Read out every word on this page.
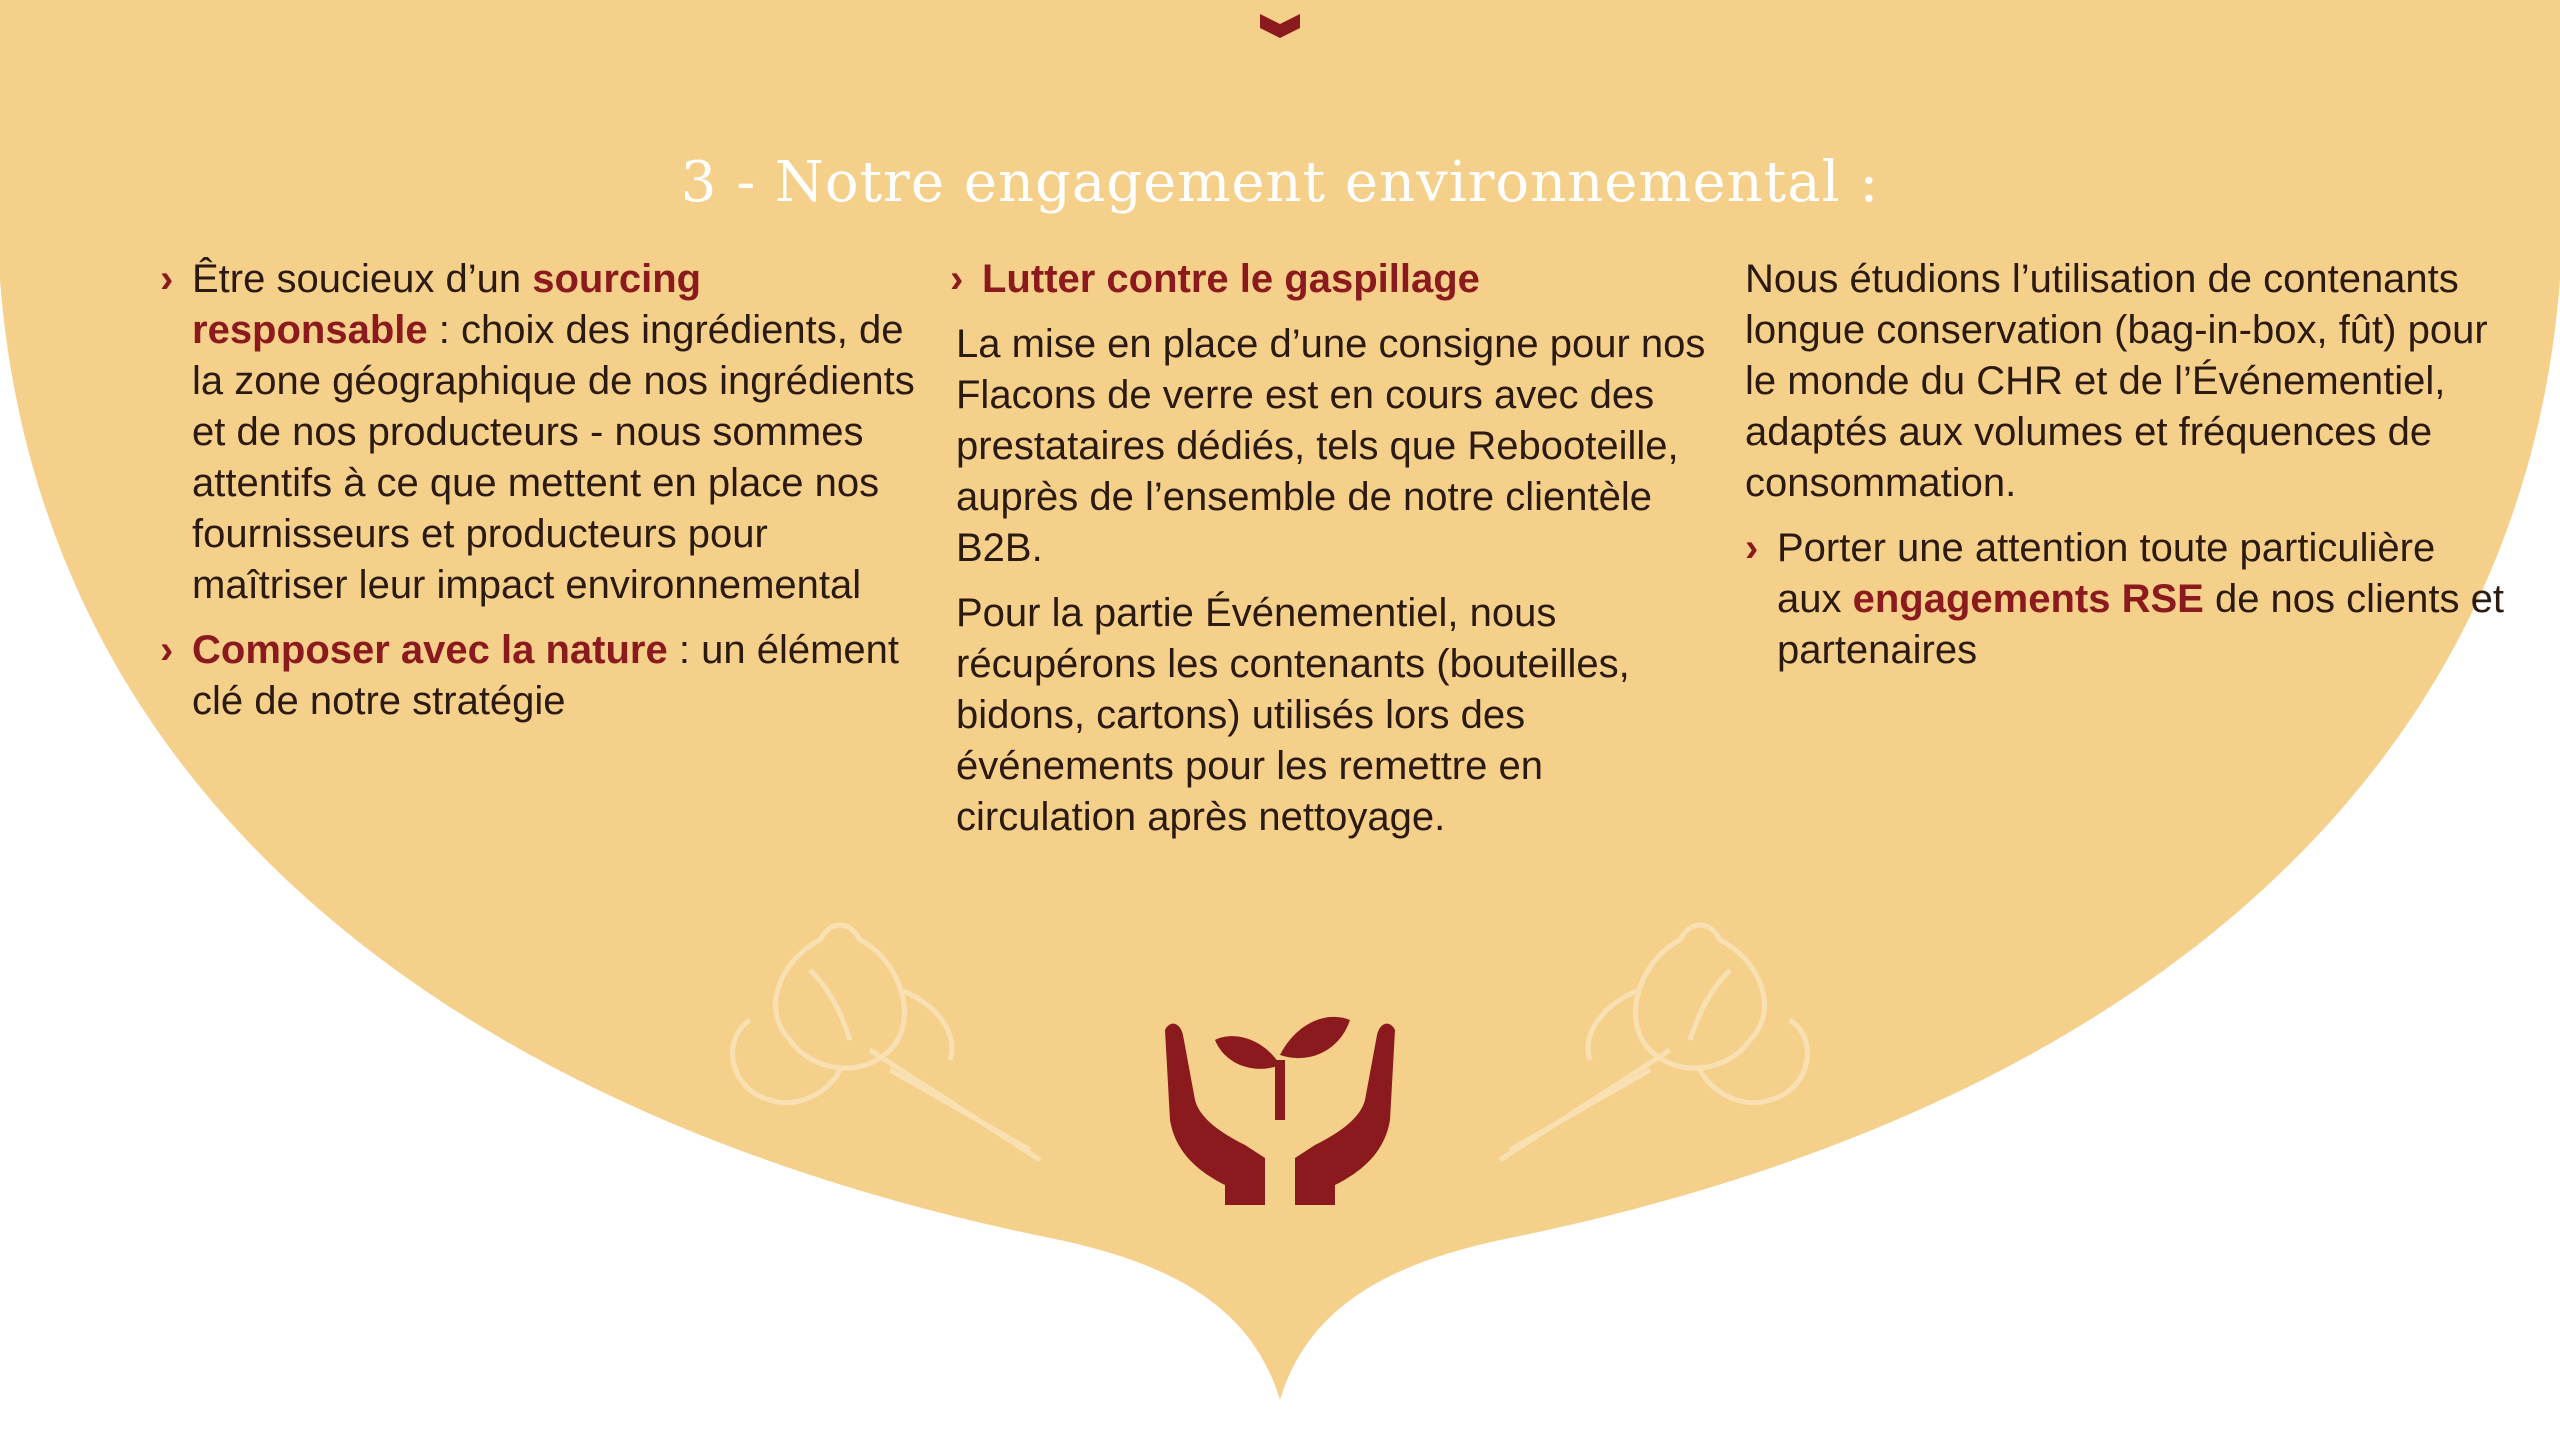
3 - Notre engagement environnemental :
› Être soucieux d’un sourcing responsable : choix des ingrédients, de la zone géographique de nos ingrédients et de nos producteurs - nous sommes attentifs à ce que mettent en place nos fournisseurs et producteurs pour maîtriser leur impact environnemental
› Composer avec la nature : un élément clé de notre stratégie
› Lutter contre le gaspillage

La mise en place d’une consigne pour nos Flacons de verre est en cours avec des prestataires dédiés, tels que Rebooteille, auprès de l’ensemble de notre clientèle B2B.

Pour la partie Événementiel, nous récupérons les contenants (bouteilles, bidons, cartons) utilisés lors des événements pour les remettre en circulation après nettoyage.

Nous étudions l’utilisation de contenants longue conservation (bag-in-box, fût) pour le monde du CHR et de l’Événementiel, adaptés aux volumes et fréquences de consommation.

› Porter une attention toute particulière aux engagements RSE de nos clients et partenaires
